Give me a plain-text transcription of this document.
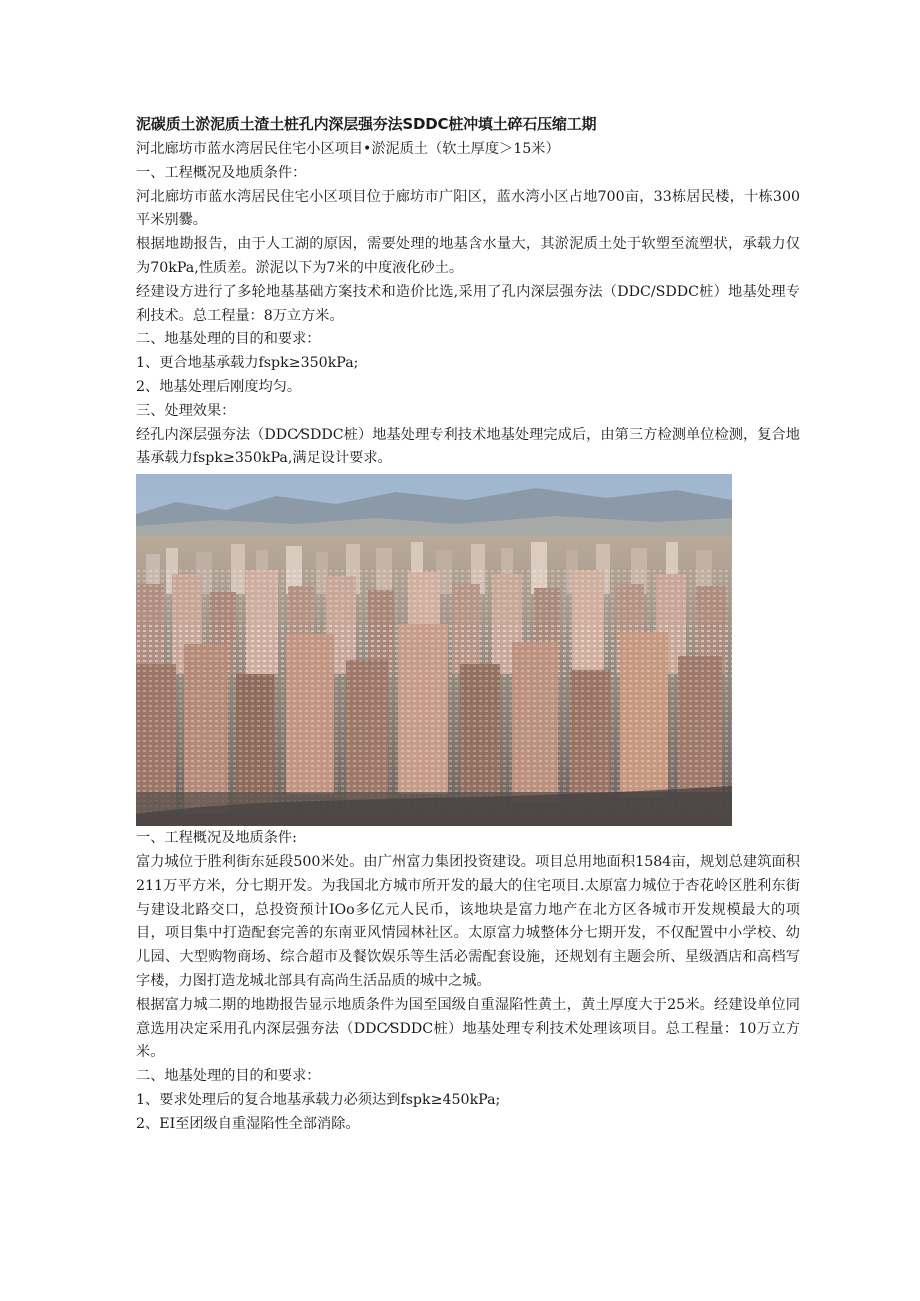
泥碳质土淤泥质土渣土桩孔内深层强夯法SDDC桩冲填土碎石压缩工期

河北廊坊市蓝水湾居民住宅小区项目•淤泥质土（软土厚度＞15米）

一、工程概况及地质条件：

河北廊坊市蓝水湾居民住宅小区项目位于廊坊市广阳区，蓝水湾小区占地700亩，33栋居民楼，十栋300平米别爨。

根据地勘报告，由于人工湖的原因，需要处理的地基含水量大，其淤泥质土处于软塑至流塑状，承载力仅为70kPa,性质差。淤泥以下为7米的中度液化砂土。

经建设方进行了多轮地基基础方案技术和造价比选,采用了孔内深层强夯法（DDC/SDDC桩）地基处理专利技术。总工程量：8万立方米。

二、地基处理的目的和要求：

1、更合地基承载力fspk≥350kPa;

2、地基处理后刚度均匀。

三、处理效果：

经孔内深层强夯法（DDC⁄SDDC桩）地基处理专利技术地基处理完成后，由第三方检测单位检测，复合地基承载力fspk≥350kPa,满足设计要求。

一、工程概况及地质条件:

富力城位于胜利街东延段500米处。由广州富力集团投资建设。项目总用地面积1584亩，规划总建筑面积211万平方米，分七期开发。为我国北方城市所开发的最大的住宅项目.太原富力城位于杏花岭区胜利东街与建设北路交口，总投资预计IOo多亿元人民币，该地块是富力地产在北方区各城市开发规模最大的项目，项目集中打造配套完善的东南亚风情园林社区。太原富力城整体分七期开发，不仅配置中小学校、幼儿园、大型购物商场、综合超市及餐饮娱乐等生活必需配套设施，还规划有主题会所、星级酒店和高档写字楼，力图打造龙城北部具有高尚生活品质的城中之城。

根据富力城二期的地勘报告显示地质条件为国至国级自重湿陷性黄土，黄土厚度大于25米。经建设单位同意选用决定采用孔内深层强夯法（DDC⁄SDDC桩）地基处理专利技术处理该项目。总工程量：10万立方米。

二、地基处理的目的和要求：

1、要求处理后的复合地基承载力必须达到fspk≥450kPa;

2、EI至团级自重湿陷性全部消除。
